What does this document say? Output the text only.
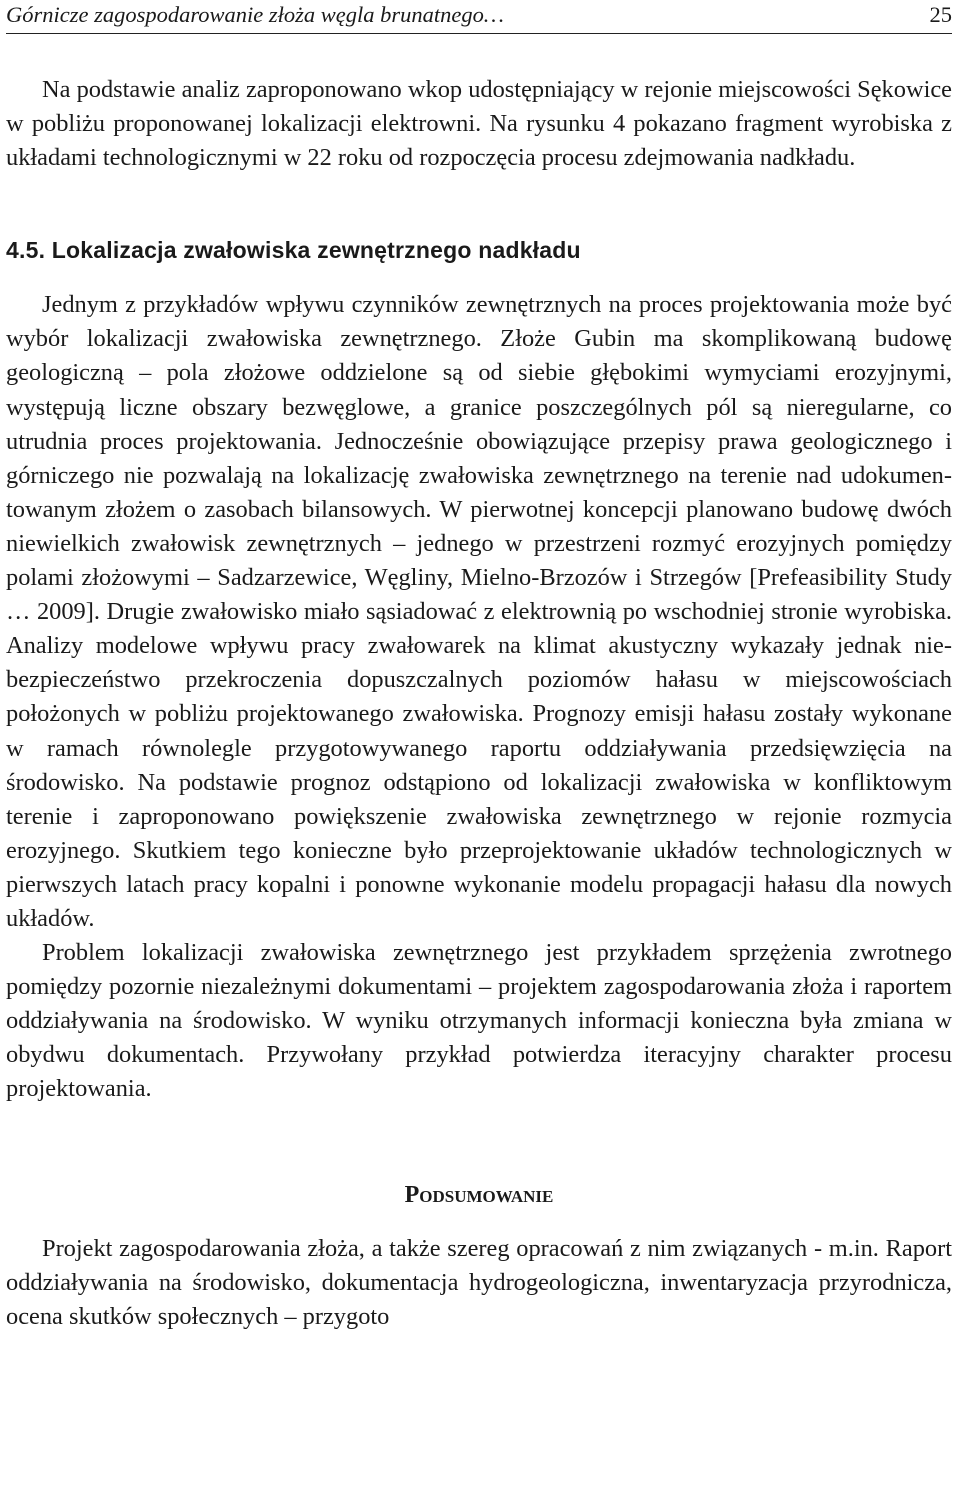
Górnicze zagospodarowanie złoża węgla brunatnego…	25

Na podstawie analiz zaproponowano wkop udostępniający w rejonie miejscowości Sękowice w pobliżu proponowanej lokalizacji elektrowni. Na rysunku 4 pokazano fragment wyrobiska z układami technologicznymi w 22 roku od rozpoczęcia procesu zdejmowania nadkładu.

4.5. Lokalizacja zwałowiska zewnętrznego nadkładu

Jednym z przykładów wpływu czynników zewnętrznych na proces projektowania może być wybór lokalizacji zwałowiska zewnętrznego. Złoże Gubin ma skomplikowaną budowę geologiczną – pola złożowe oddzielone są od siebie głębokimi wymyciami erozyjnymi, występują liczne obszary bezwęglowe, a granice poszczególnych pól są nieregularne, co utrudnia proces projektowania. Jednocześnie obowiązujące przepisy prawa geologicznego i górniczego nie pozwalają na lokalizację zwałowiska zewnętrznego na terenie nad udokumentowanym złożem o zasobach bilansowych. W pierwotnej koncepcji planowano budowę dwóch niewielkich zwałowisk zewnętrznych – jednego w przestrzeni rozmyć erozyjnych pomiędzy polami złożowymi – Sadzarzewice, Węgliny, Mielno-Brzozów i Strzegów [Prefeasibility Study … 2009]. Drugie zwałowisko miało sąsiadować z elektrownią po wschodniej stronie wyrobiska. Analizy modelowe wpływu pracy zwałowarek na klimat akustyczny wykazały jednak niebezpieczeństwo przekroczenia dopuszczalnych poziomów hałasu w miejscowościach położonych w pobliżu projektowanego zwałowiska. Prognozy emisji hałasu zostały wykonane w ramach równolegle przygotowywanego raportu oddziaływania przedsięwzięcia na środowisko. Na podstawie prognoz odstąpiono od lokalizacji zwałowiska w konfliktowym terenie i zaproponowano powiększenie zwałowiska zewnętrznego w rejonie rozmycia erozyjnego. Skutkiem tego konieczne było przeprojektowanie układów technologicznych w pierwszych latach pracy kopalni i ponowne wykonanie modelu propagacji hałasu dla nowych układów.

Problem lokalizacji zwałowiska zewnętrznego jest przykładem sprzężenia zwrotnego pomiędzy pozornie niezależnymi dokumentami – projektem zagospodarowania złoża i raportem oddziaływania na środowisko. W wyniku otrzymanych informacji konieczna była zmiana w obydwu dokumentach. Przywołany przykład potwierdza iteracyjny charakter procesu projektowania.

Podsumowanie

Projekt zagospodarowania złoża, a także szereg opracowań z nim związanych - m.in. Raport oddziaływania na środowisko, dokumentacja hydrogeologiczna, inwentaryzacja przyrodnicza, ocena skutków społecznych – przygoto
